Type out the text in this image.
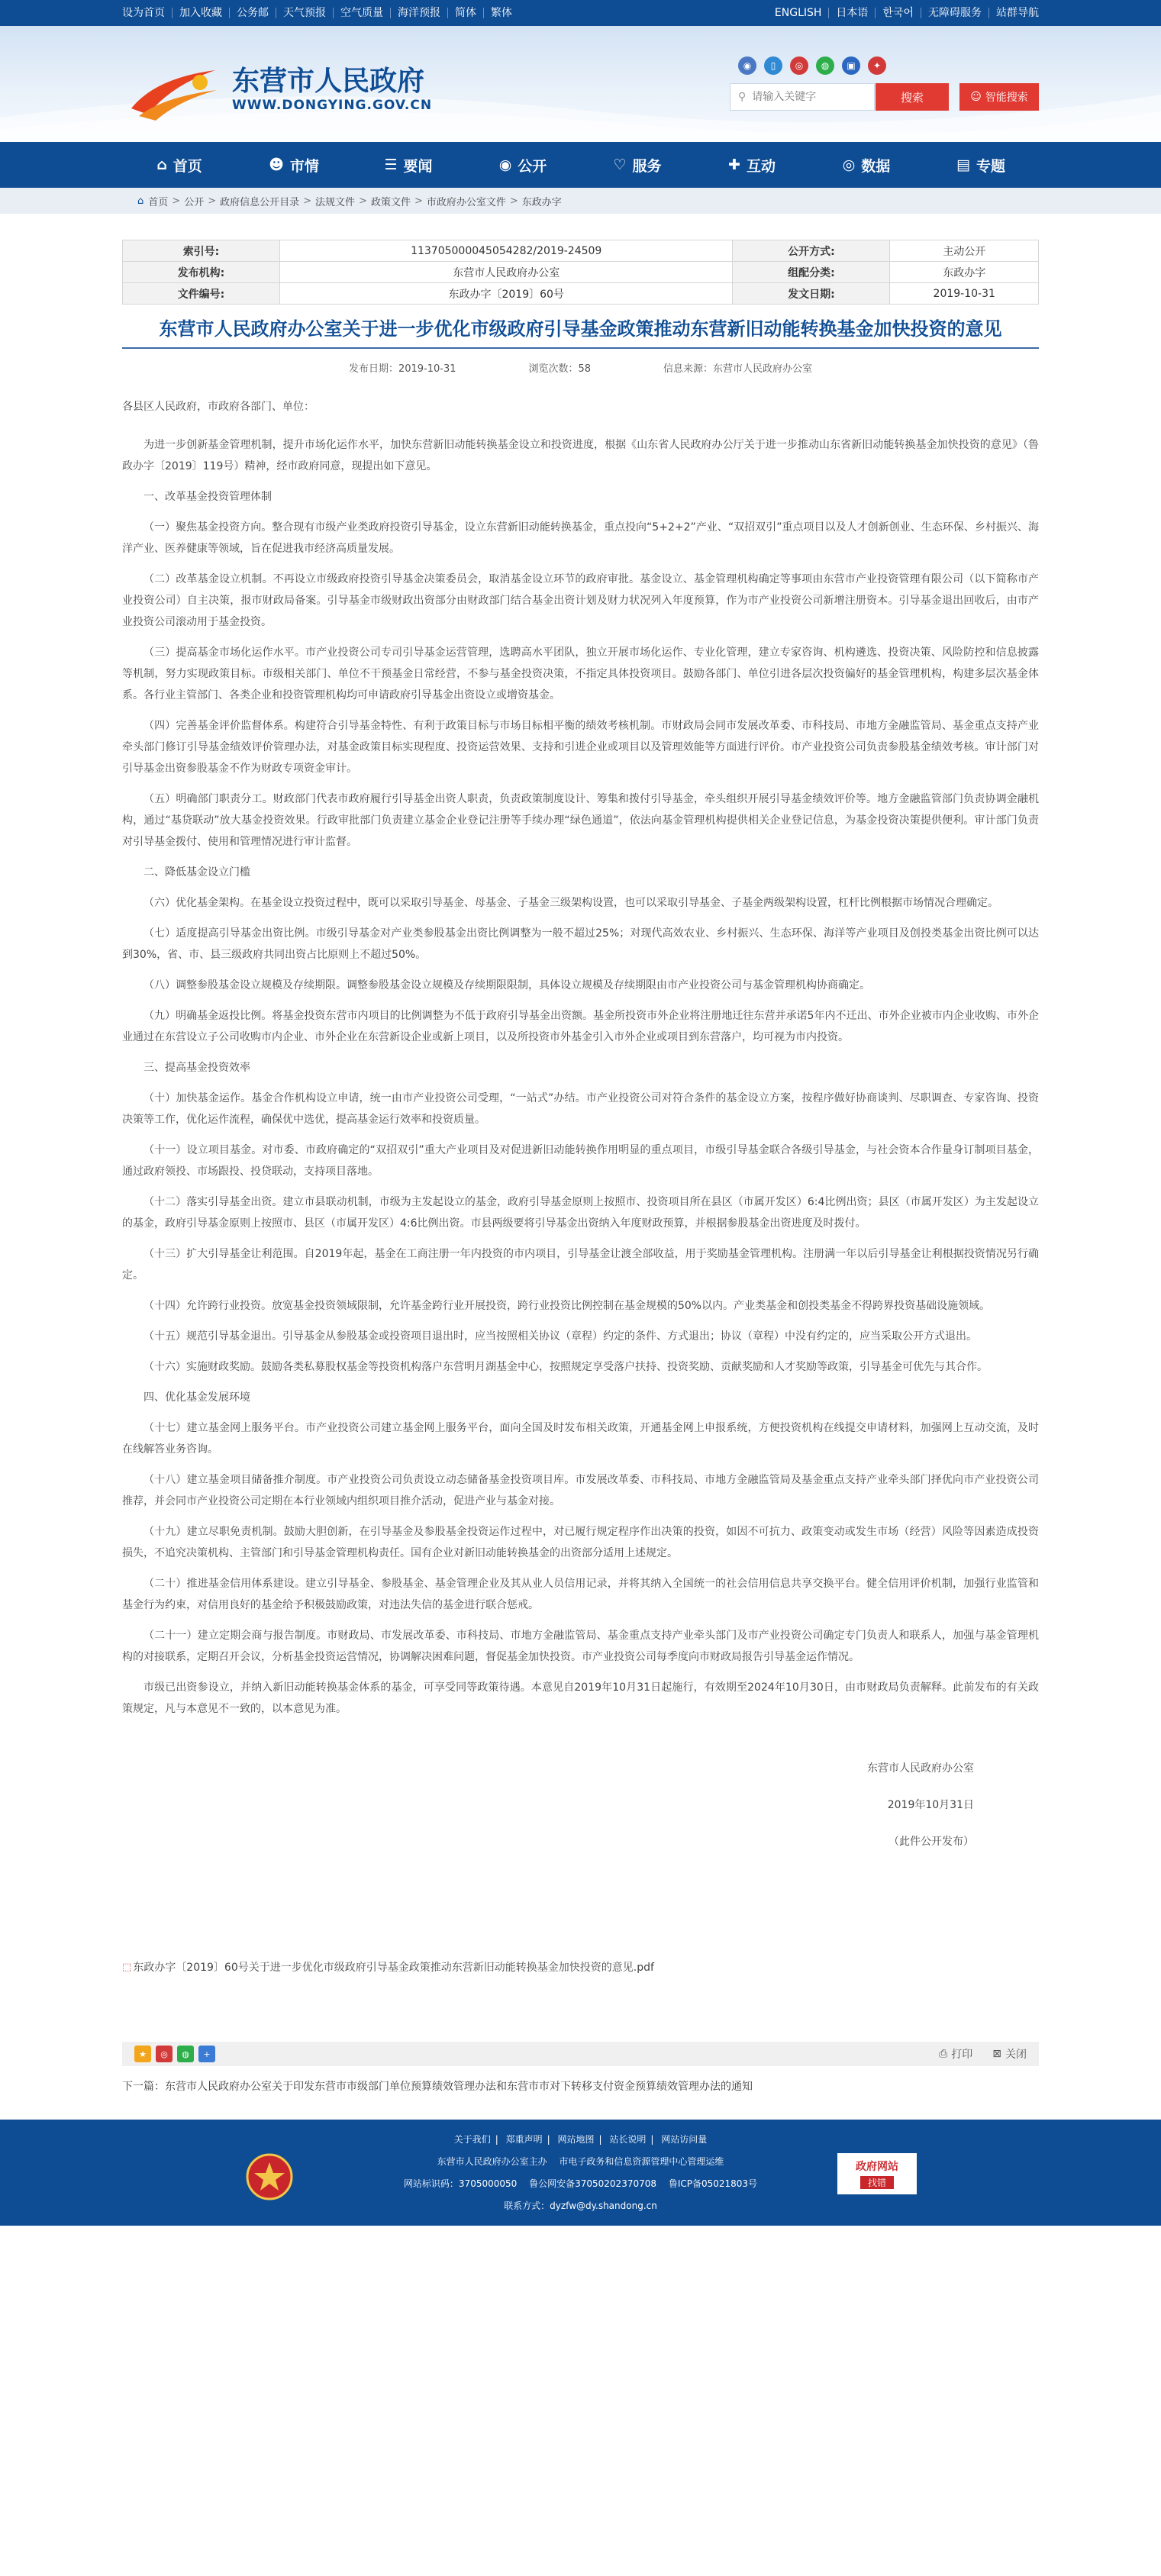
设为首页	加入收藏	公务邮	天气预报	空气质量	海洋预报	简体	繁体	ENGLISH	日本语	한국어	无障碍服务	站群导航
东营市人民政府
WWW.DONGYING.GOV.CN
◉	▯	◎	◍	▣	✦
⚲
请输入关键字	搜索	☺ 智能搜索
⌂ 首页	☻ 市情	☰ 要闻	◉ 公开	♡ 服务	✚ 互动	◎ 数据	▤ 专题
⌂ 首页 > 公开 > 政府信息公开目录 > 法规文件 > 政策文件 > 市政府办公室文件 > 东政办字
索引号:	11370500004505428​2/2019-24509	公开方式:	主动公开
发布机构:	东营市人民政府办公室	组配分类:	东政办字
文件编号:	东政办字〔2019〕60号	发文日期:	2019-10-31
东营市人民政府办公室关于进一步优化市级政府引导基金政策推动东营新旧动能转换基金加快投资的意见
发布日期：2019-10-31	浏览次数：58	信息来源：东营市人民政府办公室

各县区人民政府，市政府各部门、单位：

为进一步创新基金管理机制，提升市场化运作水平，加快东营新旧动能转换基金设立和投资进度，根据《山东省人民政府办公厅关于进一步推动山东省新旧动能转换基金加快投资的意见》（鲁政办字〔2019〕119号）精神，经市政府同意，现提出如下意见。

一、改革基金投资管理体制

（一）聚焦基金投资方向。整合现有市级产业类政府投资引导基金，设立东营新旧动能转换基金，重点投向“5+2+2”产业、“双招双引”重点项目以及人才创新创业、生态环保、乡村振兴、海洋产业、医养健康等领域，旨在促进我市经济高质量发展。

（二）改革基金设立机制。不再设立市级政府投资引导基金决策委员会，取消基金设立环节的政府审批。基金设立、基金管理机构确定等事项由东营市产业投资管理有限公司（以下简称市产业投资公司）自主决策，报市财政局备案。引导基金市级财政出资部分由财政部门结合基金出资计划及财力状况列入年度预算，作为市产业投资公司新增注册资本。引导基金退出回收后，由市产业投资公司滚动用于基金投资。

（三）提高基金市场化运作水平。市产业投资公司专司引导基金运营管理，选聘高水平团队，独立开展市场化运作、专业化管理，建立专家咨询、机构遴选、投资决策、风险防控和信息披露等机制，努力实现政策目标。市级相关部门、单位不干预基金日常经营，不参与基金投资决策，不指定具体投资项目。鼓励各部门、单位引进各层次投资偏好的基金管理机构，构建多层次基金体系。各行业主管部门、各类企业和投资管理机构均可申请政府引导基金出资设立或增资基金。

（四）完善基金评价监督体系。构建符合引导基金特性、有利于政策目标与市场目标相平衡的绩效考核机制。市财政局会同市发展改革委、市科技局、市地方金融监管局、基金重点支持产业牵头部门修订引导基金绩效评价管理办法，对基金政策目标实现程度、投资运营效果、支持和引进企业或项目以及管理效能等方面进行评价。市产业投资公司负责参股基金绩效考核。审计部门对引导基金出资参股基金不作为财政专项资金审计。

（五）明确部门职责分工。财政部门代表市政府履行引导基金出资人职责，负责政策制度设计、筹集和拨付引导基金，牵头组织开展引导基金绩效评价等。地方金融监管部门负责协调金融机构，通过“基贷联动”放大基金投资效果。行政审批部门负责建立基金企业登记注册等手续办理“绿色通道”，依法向基金管理机构提供相关企业登记信息，为基金投资决策提供便利。审计部门负责对引导基金拨付、使用和管理情况进行审计监督。

二、降低基金设立门槛

（六）优化基金架构。在基金设立投资过程中，既可以采取引导基金、母基金、子基金三级架构设置，也可以采取引导基金、子基金两级架构设置，杠杆比例根据市场情况合理确定。

（七）适度提高引导基金出资比例。市级引导基金对产业类参股基金出资比例调整为一般不超过25%；对现代高效农业、乡村振兴、生态环保、海洋等产业项目及创投类基金出资比例可以达到30%，省、市、县三级政府共同出资占比原则上不超过50%。

（八）调整参股基金设立规模及存续期限。调整参股基金设立规模及存续期限限制，具体设立规模及存续期限由市产业投资公司与基金管理机构协商确定。

（九）明确基金返投比例。将基金投资东营市内项目的比例调整为不低于政府引导基金出资额。基金所投资市外企业将注册地迁往东营并承诺5年内不迁出、市外企业被市内企业收购、市外企业通过在东营设立子公司收购市内企业、市外企业在东营新设企业或新上项目，以及所投资市外基金引入市外企业或项目到东营落户，均可视为市内投资。

三、提高基金投资效率

（十）加快基金运作。基金合作机构设立申请，统一由市产业投资公司受理，“一站式”办结。市产业投资公司对符合条件的基金设立方案，按程序做好协商谈判、尽职调查、专家咨询、投资决策等工作，优化运作流程，确保优中选优，提高基金运行效率和投资质量。

（十一）设立项目基金。对市委、市政府确定的“双招双引”重大产业项目及对促进新旧动能转换作用明显的重点项目，市级引导基金联合各级引导基金，与社会资本合作量身订制项目基金，通过政府领投、市场跟投、投贷联动，支持项目落地。

（十二）落实引导基金出资。建立市县联动机制，市级为主发起设立的基金，政府引导基金原则上按照市、投资项目所在县区（市属开发区）6:4比例出资；县区（市属开发区）为主发起设立的基金，政府引导基金原则上按照市、县区（市属开发区）4:6比例出资。市县两级要将引导基金出资纳入年度财政预算，并根据参股基金出资进度及时拨付。

（十三）扩大引导基金让利范围。自2019年起，基金在工商注册一年内投资的市内项目，引导基金让渡全部收益，用于奖励基金管理机构。注册满一年以后引导基金让利根据投资情况另行确定。

（十四）允许跨行业投资。放宽基金投资领域限制，允许基金跨行业开展投资，跨行业投资比例控制在基金规模的50%以内。产业类基金和创投类基金不得跨界投资基础设施领域。

（十五）规范引导基金退出。引导基金从参股基金或投资项目退出时，应当按照相关协议（章程）约定的条件、方式退出；协议（章程）中没有约定的，应当采取公开方式退出。

（十六）实施财政奖励。鼓励各类私募股权基金等投资机构落户东营明月湖基金中心，按照规定享受落户扶持、投资奖励、贡献奖励和人才奖励等政策，引导基金可优先与其合作。

四、优化基金发展环境

（十七）建立基金网上服务平台。市产业投资公司建立基金网上服务平台，面向全国及时发布相关政策，开通基金网上申报系统，方便投资机构在线提交申请材料，加强网上互动交流，及时在线解答业务咨询。

（十八）建立基金项目储备推介制度。市产业投资公司负责设立动态储备基金投资项目库。市发展改革委、市科技局、市地方金融监管局及基金重点支持产业牵头部门择优向市产业投资公司推荐，并会同市产业投资公司定期在本行业领域内组织项目推介活动，促进产业与基金对接。

（十九）建立尽职免责机制。鼓励大胆创新，在引导基金及参股基金投资运作过程中，对已履行规定程序作出决策的投资，如因不可抗力、政策变动或发生市场（经营）风险等因素造成投资损失，不追究决策机构、主管部门和引导基金管理机构责任。国有企业对新旧动能转换基金的出资部分适用上述规定。

（二十）推进基金信用体系建设。建立引导基金、参股基金、基金管理企业及其从业人员信用记录，并将其纳入全国统一的社会信用信息共享交换平台。健全信用评价机制，加强行业监管和基金行为约束，对信用良好的基金给予积极鼓励政策，对违法失信的基金进行联合惩戒。

（二十一）建立定期会商与报告制度。市财政局、市发展改革委、市科技局、市地方金融监管局、基金重点支持产业牵头部门及市产业投资公司确定专门负责人和联系人，加强与基金管理机构的对接联系，定期召开会议，分析基金投资运营情况，协调解决困难问题，督促基金加快投资。市产业投资公司每季度向市财政局报告引导基金运作情况。

市级已出资参设立，并纳入新旧动能转换基金体系的基金，可享受同等政策待遇。本意见自2019年10月31日起施行，有效期至2024年10月30日，由市财政局负责解释。此前发布的有关政策规定，凡与本意见不一致的，以本意见为准。

东营市人民政府办公室
2019年10月31日
（此件公开发布）
⬚ 东政办字〔2019〕60号关于进一步优化市级政府引导基金政策推动东营新旧动能转换基金加快投资的意见.pdf
★	◎	◍	+	⎙ 打印 ⊠ 关闭
下一篇：东营市人民政府办公室关于印发东营市市级部门单位预算绩效管理办法和东营市市对下转移支付资金预算绩效管理办法的通知
关于我们 | 郑重声明 | 网站地图 | 站长说明 | 网站访问量
东营市人民政府办公室主办 市电子政务和信息资源管理中心管理运维
网站标识码：3705000050 鲁公网安备37050202370708 鲁ICP备05021803号
联系方式：dyzfw@dy.shandong.cn
政府网站
找错
